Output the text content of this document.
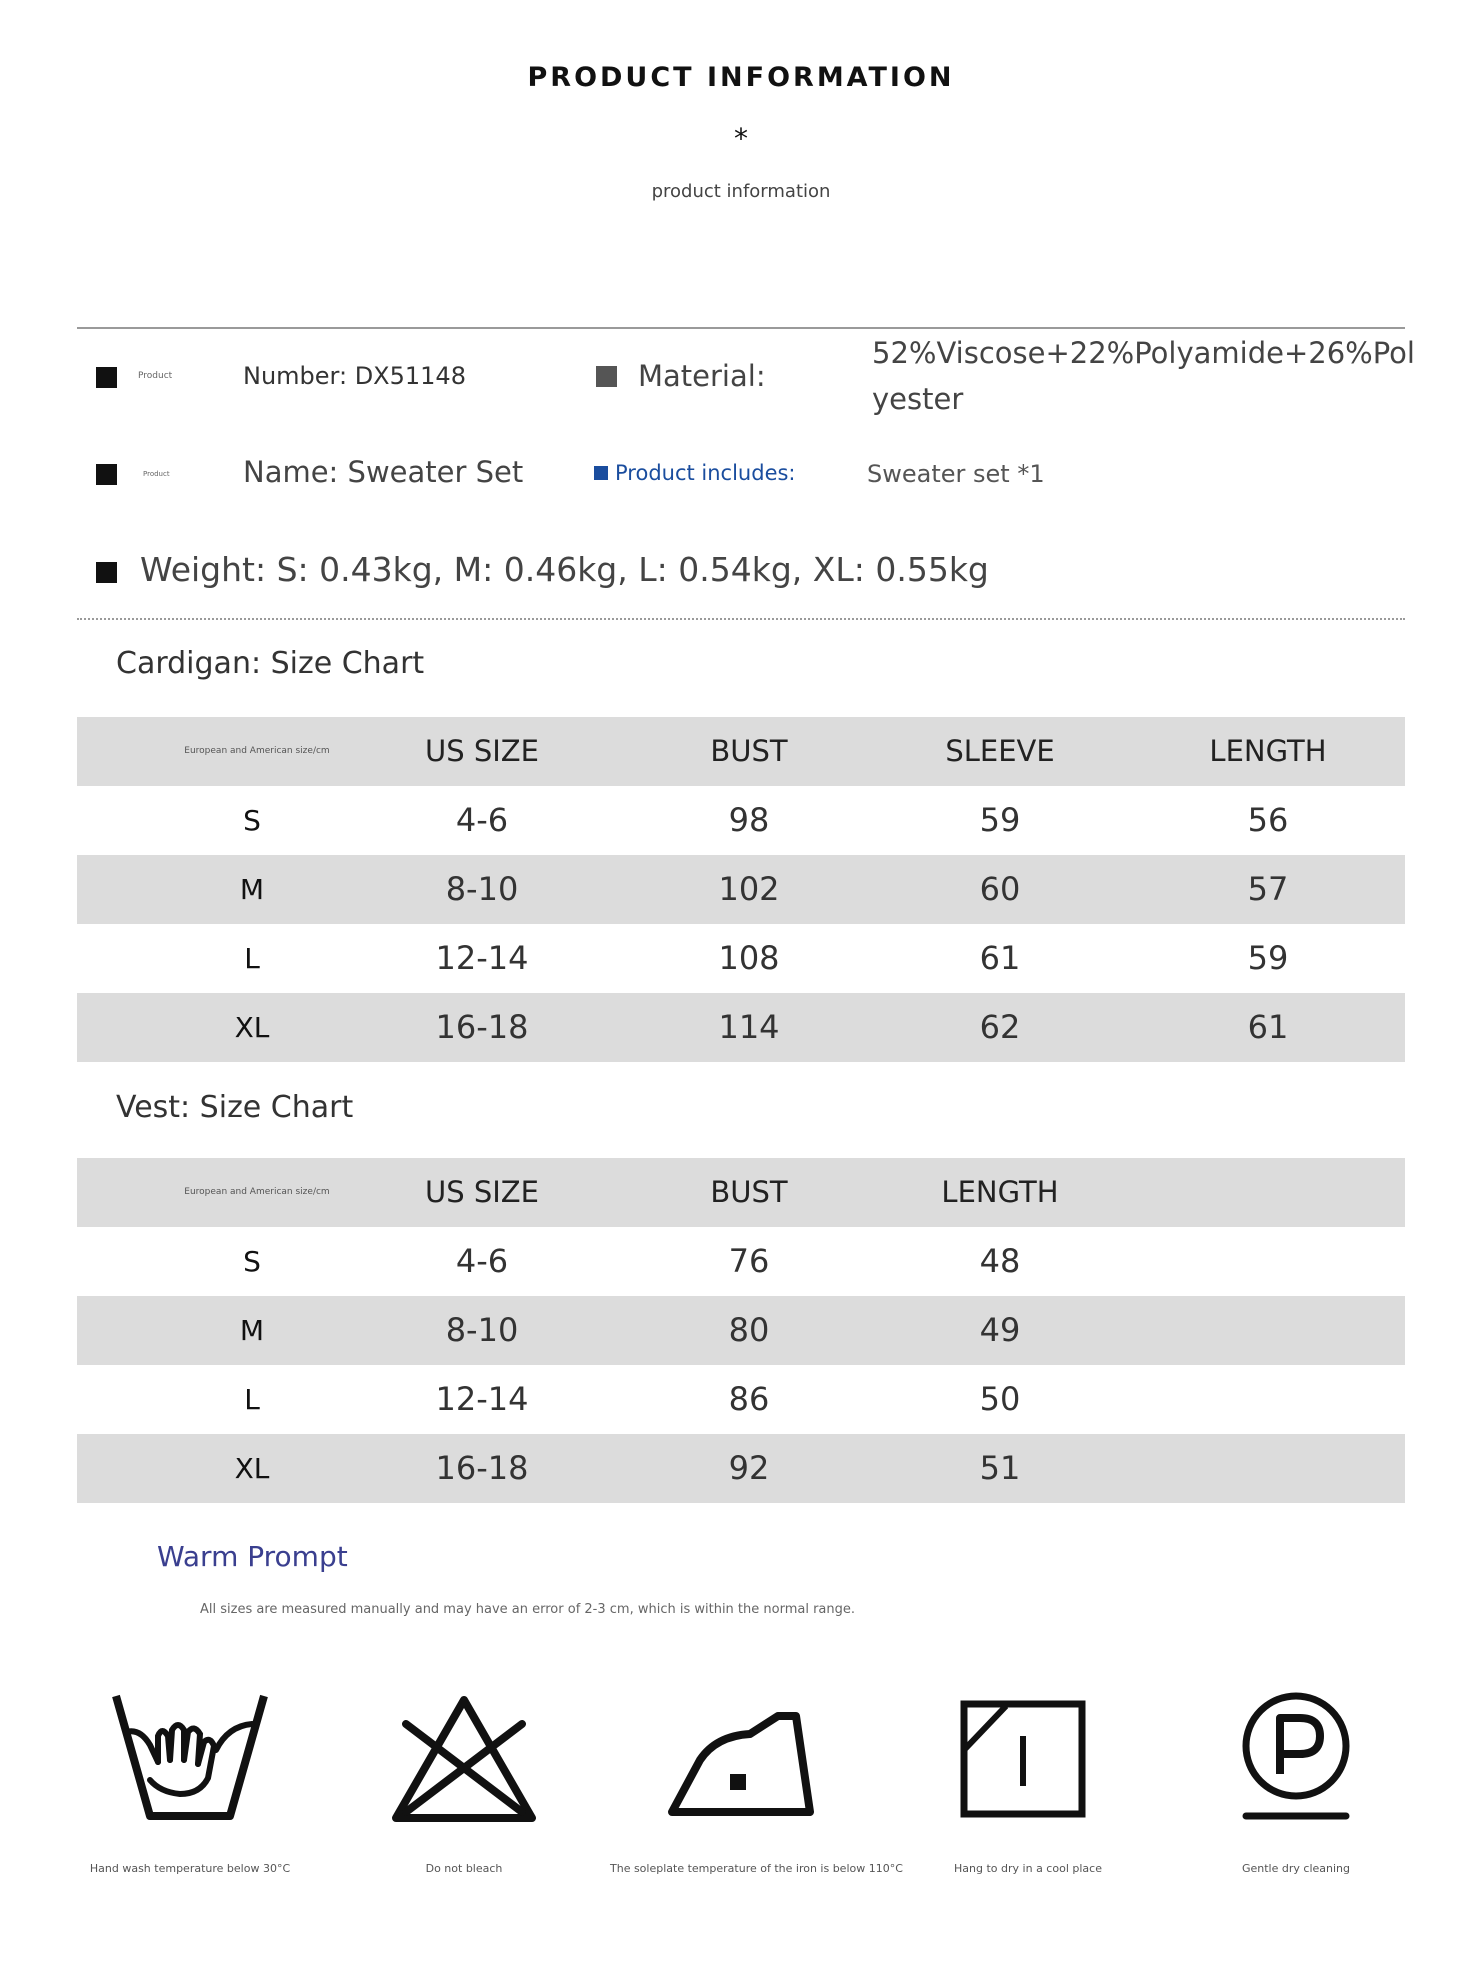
PRODUCT INFORMATION
*
product information
Product	Number: DX51148	Material:
52%Viscose+22%Polyamide+26%Pol
yester
Product	Name: Sweater Set	Product includes:	Sweater set *1
Weight: S: 0.43kg, M: 0.46kg, L: 0.54kg, XL: 0.55kg
Cardigan: Size Chart
European and American size/cm	US SIZE	BUST	SLEEVE	LENGTH
S	4-6	98	59	56
M	8-10	102	60	57
L	12-14	108	61	59
XL	16-18	114	62	61
Vest: Size Chart
European and American size/cm	US SIZE	BUST	LENGTH
S	4-6	76	48
M	8-10	80	49
L	12-14	86	50
XL	16-18	92	51
Warm Prompt
All sizes are measured manually and may have an error of 2-3 cm, which is within the normal range.
Hand wash temperature below 30°C	Do not bleach	The soleplate temperature of the iron is below 110°C	Hang to dry in a cool place	Gentle dry cleaning
